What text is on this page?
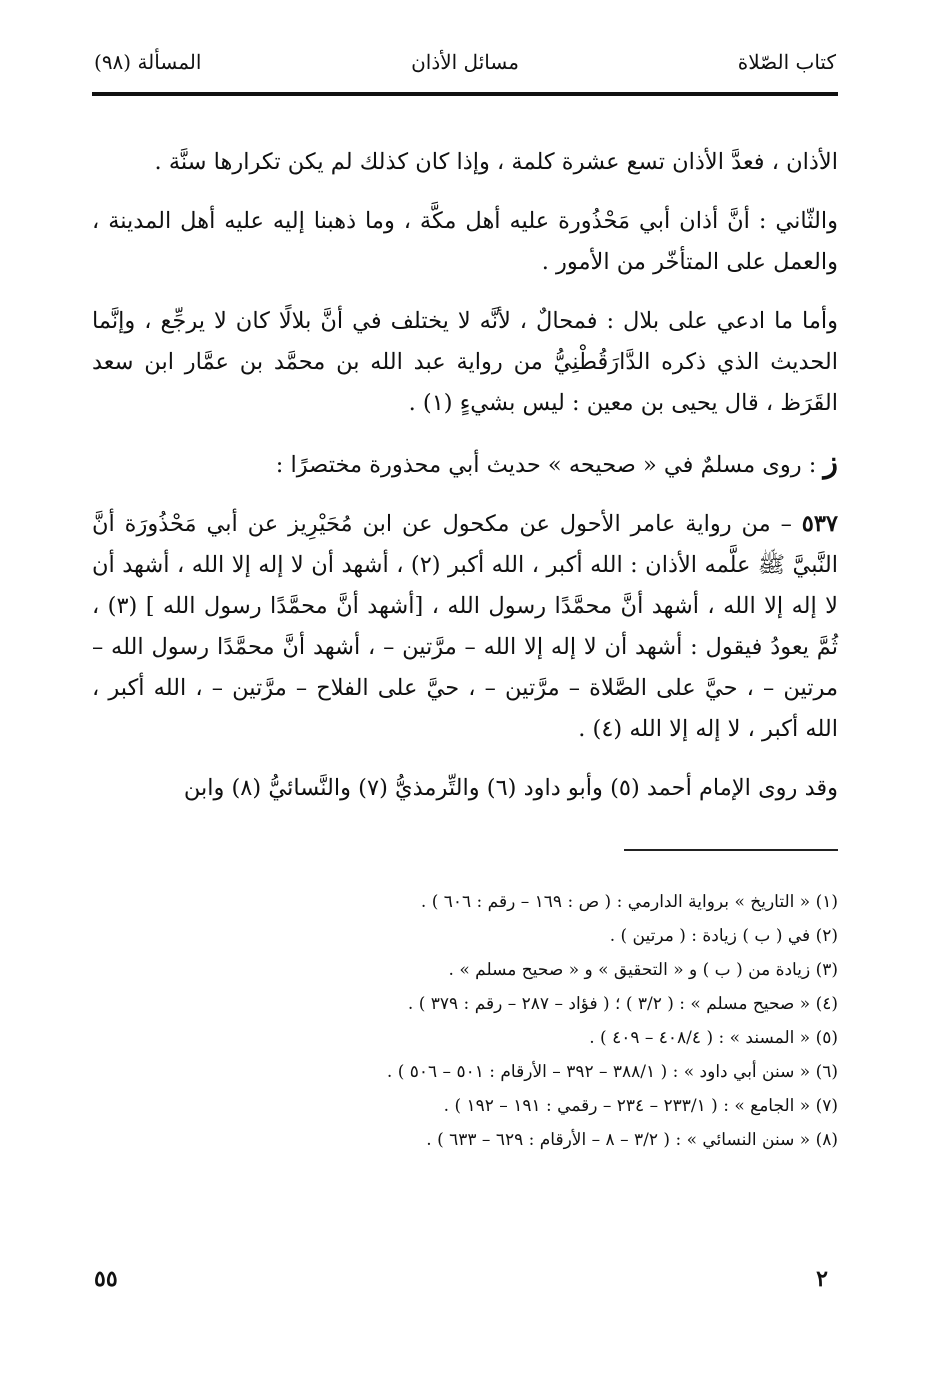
كتاب الصّلاة
مسائل الأذان
المسألة (٩٨)

الأذان ، فعدَّ الأذان تسع عشرة كلمة ، وإذا كان كذلك لم يكن تكرارها سنَّة .

والثّاني : أنَّ أذان أبي مَحْذُورة عليه أهل مكَّة ، وما ذهبنا إليه عليه أهل المدينة ، والعمل على المتأخّر من الأمور .

وأما ما ادعي على بلال : فمحالٌ ، لأنَّه لا يختلف في أنَّ بلالًا كان لا يرجِّع ، وإنَّما الحديث الذي ذكره الدَّارَقُطْنِيُّ من رواية عبد الله بن محمَّد بن عمَّار ابن سعد القَرَظ ، قال يحيى بن معين : ليس بشيءٍ (١) .

ز : روى مسلمٌ في « صحيحه » حديث أبي محذورة مختصرًا :

٥٣٧ – من رواية عامر الأحول عن مكحول عن ابن مُحَيْرِيز عن أبي مَحْذُورَة أنَّ النَّبيَّ ﷺ علَّمه الأذان : الله أكبر ، الله أكبر (٢) ، أشهد أن لا إله إلا الله ، أشهد أن لا إله إلا الله ، أشهد أنَّ محمَّدًا رسول الله ، [أشهد أنَّ محمَّدًا رسول الله ] (٣) ، ثُمَّ يعودُ فيقول : أشهد أن لا إله إلا الله – مرَّتين – ، أشهد أنَّ محمَّدًا رسول الله – مرتين – ، حيَّ على الصَّلاة – مرَّتين – ، حيَّ على الفلاح – مرَّتين – ، الله أكبر ، الله أكبر ، لا إله إلا الله (٤) .

وقد روى الإمام أحمد (٥) وأبو داود (٦) والتِّرمذيُّ (٧) والنَّسائيُّ (٨) وابن

(١) « التاريخ » برواية الدارمي : ( ص : ١٦٩ – رقم : ٦٠٦ ) .
(٢) في ( ب ) زيادة : ( مرتين ) .
(٣) زيادة من ( ب ) و « التحقيق » و « صحيح مسلم » .
(٤) « صحيح مسلم » : ( ٣/٢ ) ؛ ( فؤاد – ٢٨٧ – رقم : ٣٧٩ ) .
(٥) « المسند » : ( ٤٠٨/٤ – ٤٠٩ ) .
(٦) « سنن أبي داود » : ( ٣٨٨/١ – ٣٩٢ – الأرقام : ٥٠١ – ٥٠٦ ) .
(٧) « الجامع » : ( ٢٣٣/١ – ٢٣٤ – رقمي : ١٩١ – ١٩٢ ) .
(٨) « سنن النسائي » : ( ٣/٢ – ٨ – الأرقام : ٦٢٩ – ٦٣٣ ) .
٢
٥٥
